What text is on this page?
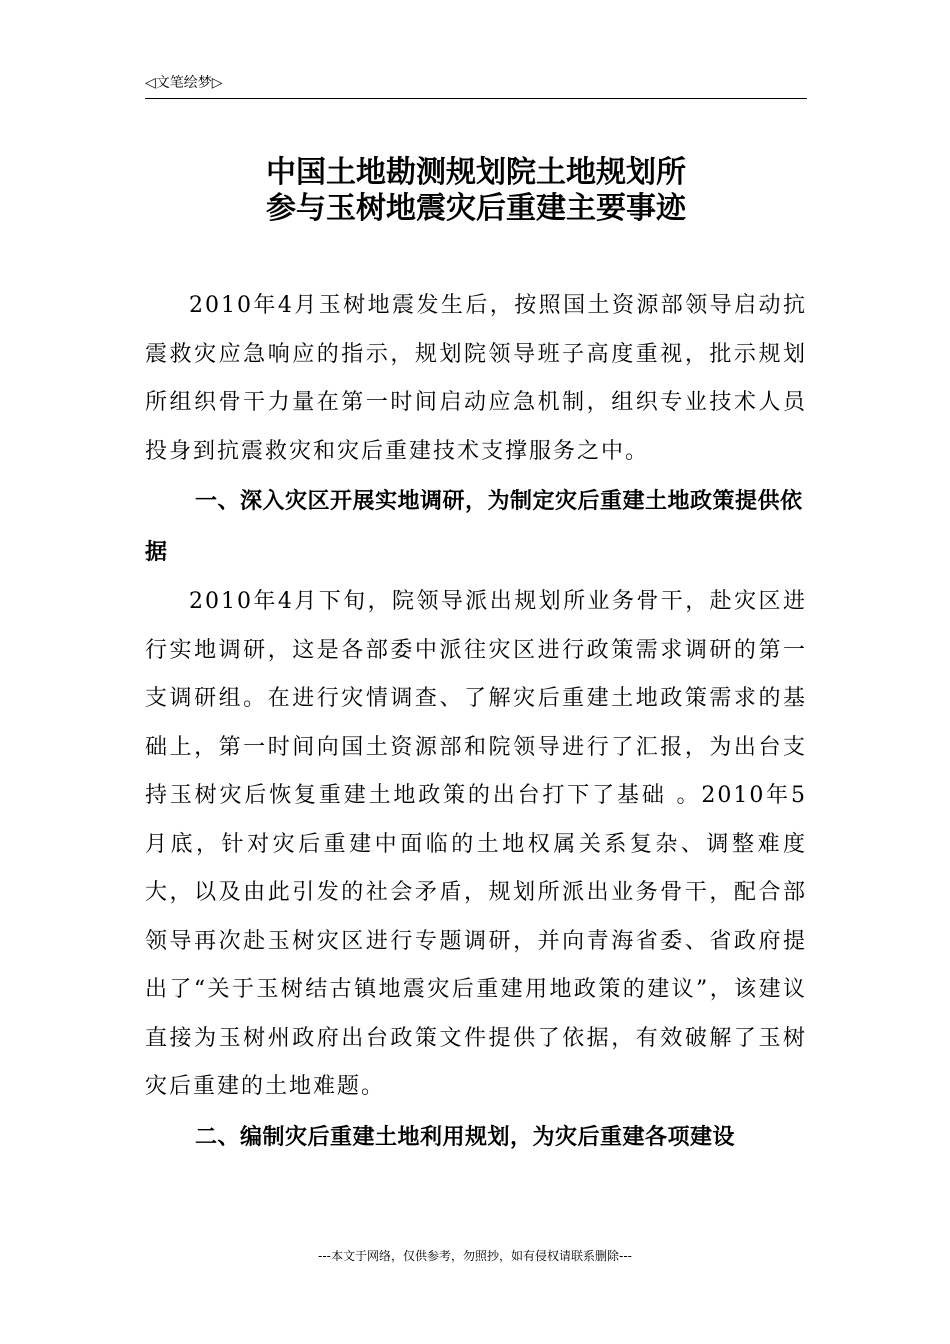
◁文笔绘梦▷
中国土地勘测规划院土地规划所
参与玉树地震灾后重建主要事迹

2010年4月玉树地震发生后，按照国土资源部领导启动抗震救灾应急响应的指示，规划院领导班子高度重视，批示规划所组织骨干力量在第一时间启动应急机制，组织专业技术人员投身到抗震救灾和灾后重建技术支撑服务之中。

一、深入灾区开展实地调研，为制定灾后重建土地政策提供依据

2010年4月下旬，院领导派出规划所业务骨干，赴灾区进行实地调研，这是各部委中派往灾区进行政策需求调研的第一支调研组。在进行灾情调查、了解灾后重建土地政策需求的基础上，第一时间向国土资源部和院领导进行了汇报，为出台支持玉树灾后恢复重建土地政策的出台打下了基础 。2010年5月底，针对灾后重建中面临的土地权属关系复杂、调整难度大，以及由此引发的社会矛盾，规划所派出业务骨干，配合部领导再次赴玉树灾区进行专题调研，并向青海省委、省政府提出了“关于玉树结古镇地震灾后重建用地政策的建议”，该建议直接为玉树州政府出台政策文件提供了依据，有效破解了玉树灾后重建的土地难题。

二、编制灾后重建土地利用规划，为灾后重建各项建设

---本文于网络，仅供参考，勿照抄，如有侵权请联系删除---
